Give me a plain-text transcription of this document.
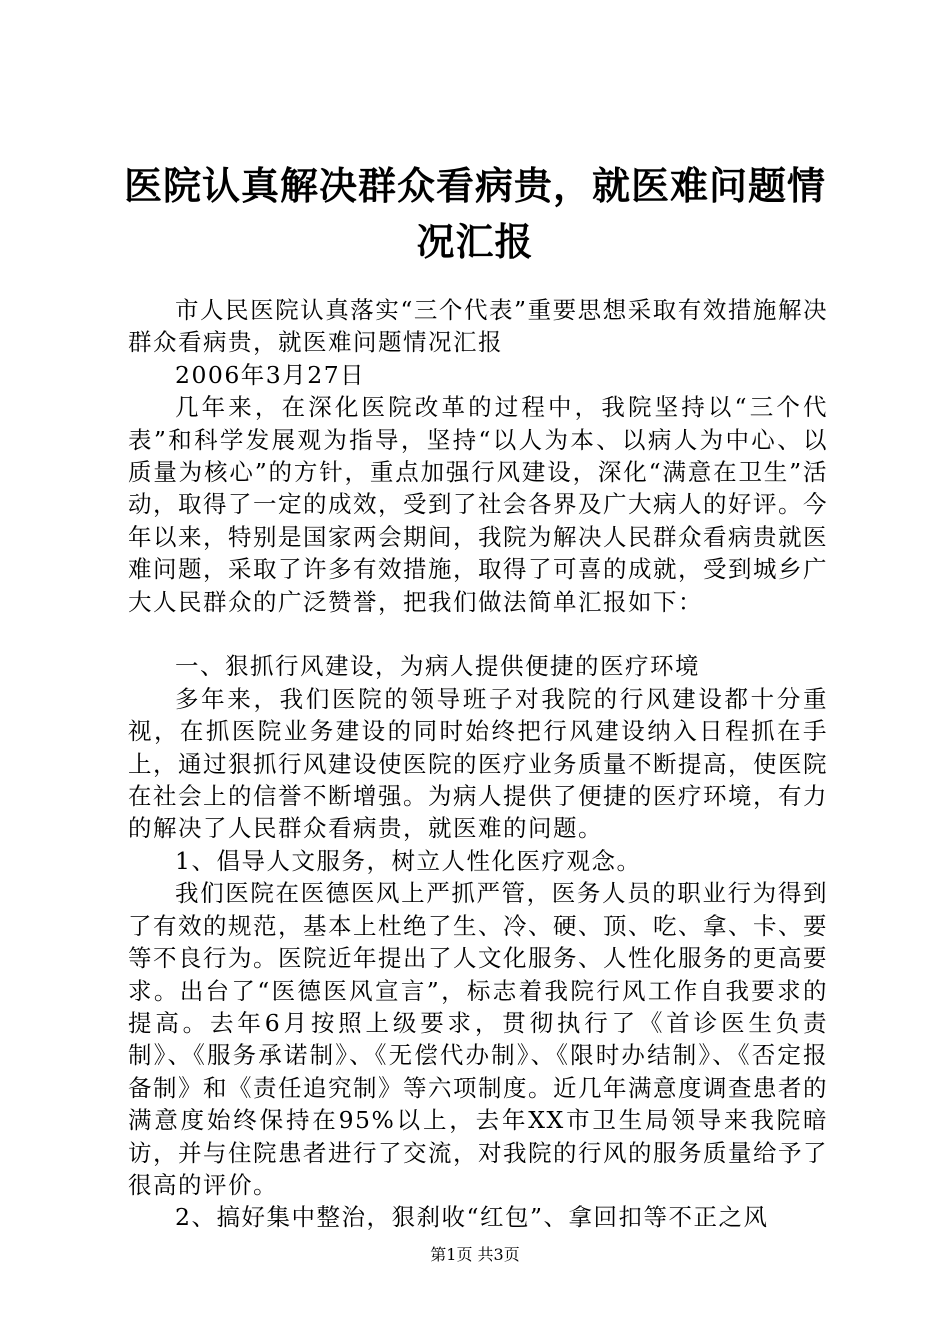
医院认真解决群众看病贵，就医难问题情况汇报

市人民医院认真落实“三个代表”重要思想采取有效措施解决群众看病贵，就医难问题情况汇报

2006年3月27日

几年来，在深化医院改革的过程中，我院坚持以“三个代表”和科学发展观为指导，坚持“以人为本、以病人为中心、以质量为核心”的方针，重点加强行风建设，深化“满意在卫生”活动，取得了一定的成效，受到了社会各界及广大病人的好评。今年以来，特别是国家两会期间，我院为解决人民群众看病贵就医难问题，采取了许多有效措施，取得了可喜的成就，受到城乡广大人民群众的广泛赞誉，把我们做法简单汇报如下：

一、狠抓行风建设，为病人提供便捷的医疗环境

多年来，我们医院的领导班子对我院的行风建设都十分重视，在抓医院业务建设的同时始终把行风建设纳入日程抓在手上，通过狠抓行风建设使医院的医疗业务质量不断提高，使医院在社会上的信誉不断增强。为病人提供了便捷的医疗环境，有力的解决了人民群众看病贵，就医难的问题。

1、倡导人文服务，树立人性化医疗观念。

我们医院在医德医风上严抓严管，医务人员的职业行为得到了有效的规范，基本上杜绝了生、冷、硬、顶、吃、拿、卡、要等不良行为。医院近年提出了人文化服务、人性化服务的更高要求。出台了“医德医风宣言”，标志着我院行风工作自我要求的提高。去年6月按照上级要求，贯彻执行了《首诊医生负责制》、《服务承诺制》、《无偿代办制》、《限时办结制》、《否定报备制》和《责任追究制》等六项制度。近几年满意度调查患者的满意度始终保持在95%以上，去年XX市卫生局领导来我院暗访，并与住院患者进行了交流，对我院的行风的服务质量给予了很高的评价。

2、搞好集中整治，狠刹收“红包”、拿回扣等不正之风

第1页 共3页
